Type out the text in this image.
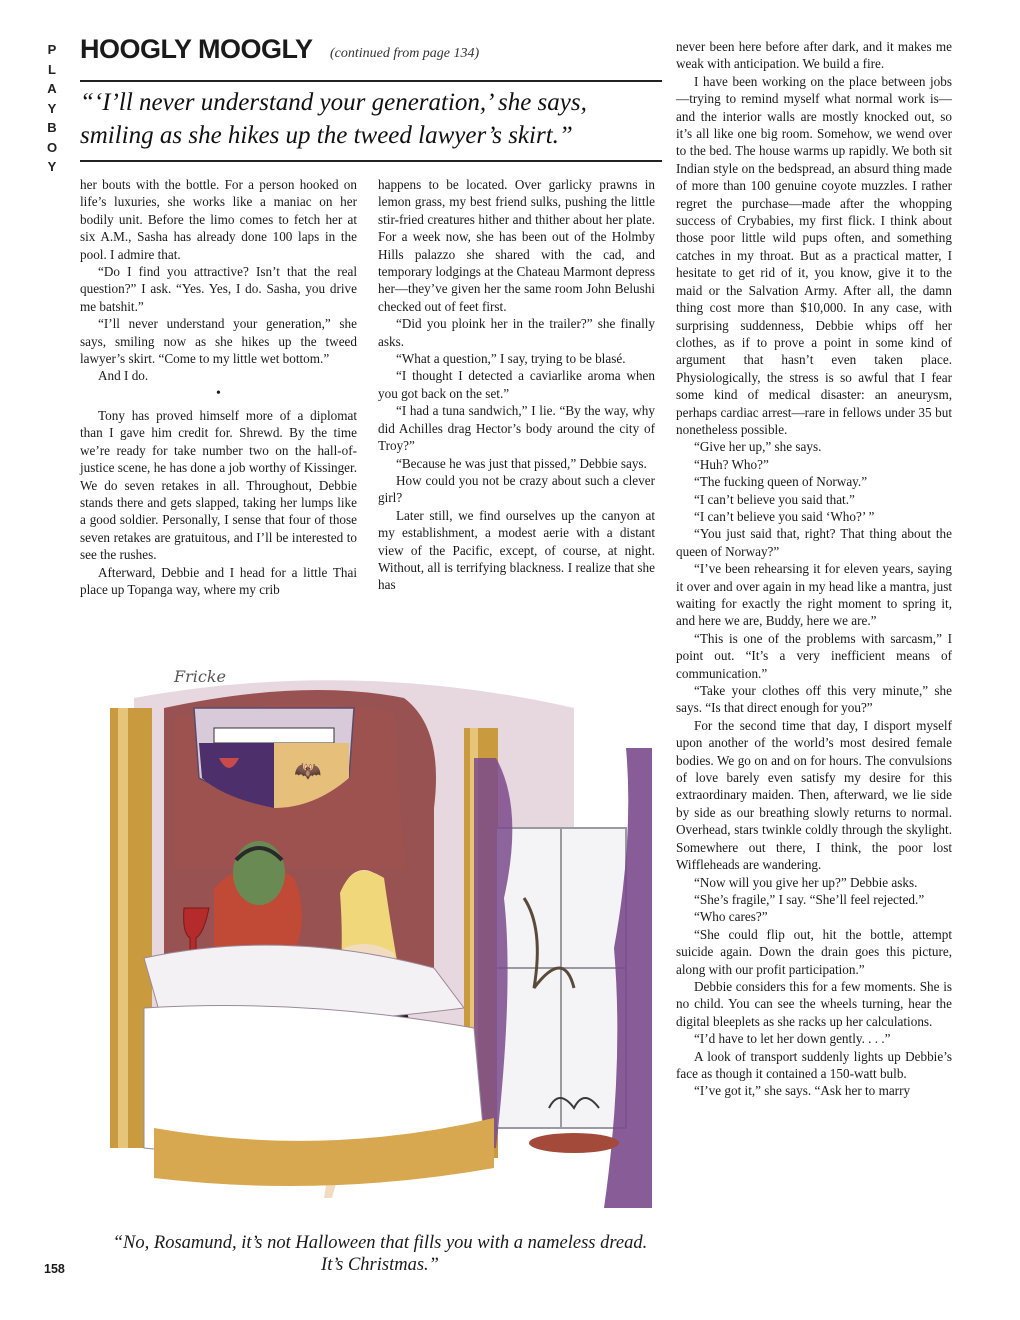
P
L
A
Y
B
O
Y
HOOGLY MOOGLY (continued from page 134)
“‘I’ll never understand your generation,’ she says, smiling as she hikes up the tweed lawyer’s skirt.”

her bouts with the bottle. For a person hooked on life’s luxuries, she works like a maniac on her bodily unit. Before the limo comes to fetch her at six A.M., Sasha has already done 100 laps in the pool. I admire that.

“Do I find you attractive? Isn’t that the real question?” I ask. “Yes. Yes, I do. Sasha, you drive me batshit.”

“I’ll never understand your generation,” she says, smiling now as she hikes up the tweed lawyer’s skirt. “Come to my little wet bottom.”

And I do.

•

Tony has proved himself more of a diplomat than I gave him credit for. Shrewd. By the time we’re ready for take number two on the hall-of-justice scene, he has done a job worthy of Kissinger. We do seven retakes in all. Throughout, Debbie stands there and gets slapped, taking her lumps like a good soldier. Personally, I sense that four of those seven retakes are gratuitous, and I’ll be interested to see the rushes.

Afterward, Debbie and I head for a little Thai place up Topanga way, where my crib

happens to be located. Over garlicky prawns in lemon grass, my best friend sulks, pushing the little stir-fried creatures hither and thither about her plate. For a week now, she has been out of the Holmby Hills palazzo she shared with the cad, and temporary lodgings at the Chateau Marmont depress her—they’ve given her the same room John Belushi checked out of feet first.

“Did you ploink her in the trailer?” she finally asks.

“What a question,” I say, trying to be blasé.

“I thought I detected a caviarlike aroma when you got back on the set.”

“I had a tuna sandwich,” I lie. “By the way, why did Achilles drag Hector’s body around the city of Troy?”

“Because he was just that pissed,” Debbie says.

How could you not be crazy about such a clever girl?

Later still, we find ourselves up the canyon at my establishment, a modest aerie with a distant view of the Pacific, except, of course, at night. Without, all is terrifying blackness. I realize that she has

never been here before after dark, and it makes me weak with anticipation. We build a fire.

I have been working on the place between jobs—trying to remind myself what normal work is—and the interior walls are mostly knocked out, so it’s all like one big room. Somehow, we wend over to the bed. The house warms up rapidly. We both sit Indian style on the bedspread, an absurd thing made of more than 100 genuine coyote muzzles. I rather regret the purchase—made after the whopping success of Crybabies, my first flick. I think about those poor little wild pups often, and something catches in my throat. But as a practical matter, I hesitate to get rid of it, you know, give it to the maid or the Salvation Army. After all, the damn thing cost more than $10,000. In any case, with surprising suddenness, Debbie whips off her clothes, as if to prove a point in some kind of argument that hasn’t even taken place. Physiologically, the stress is so awful that I fear some kind of medical disaster: an aneurysm, perhaps cardiac arrest—rare in fellows under 35 but nonetheless possible.

“Give her up,” she says.

“Huh? Who?”

“The fucking queen of Norway.”

“I can’t believe you said that.”

“I can’t believe you said ‘Who?’ ”

“You just said that, right? That thing about the queen of Norway?”

“I’ve been rehearsing it for eleven years, saying it over and over again in my head like a mantra, just waiting for exactly the right moment to spring it, and here we are, Buddy, here we are.”

“This is one of the problems with sarcasm,” I point out. “It’s a very inefficient means of communication.”

“Take your clothes off this very minute,” she says. “Is that direct enough for you?”

For the second time that day, I disport myself upon another of the world’s most desired female bodies. We go on and on for hours. The convulsions of love barely even satisfy my desire for this extraordinary maiden. Then, afterward, we lie side by side as our breathing slowly returns to normal. Overhead, stars twinkle coldly through the skylight. Somewhere out there, I think, the poor lost Wiffleheads are wandering.

“Now will you give her up?” Debbie asks.

“She’s fragile,” I say. “She’ll feel rejected.”

“Who cares?”

“She could flip out, hit the bottle, attempt suicide again. Down the drain goes this picture, along with our profit participation.”

Debbie considers this for a few moments. She is no child. You can see the wheels turning, hear the digital bleeplets as she racks up her calculations.

“I’d have to let her down gently. . . .”

A look of transport suddenly lights up Debbie’s face as though it contained a 150-watt bulb.

“I’ve got it,” she says. “Ask her to marry

🦇
Fricke
“No, Rosamund, it’s not Halloween that fills you with a nameless dread. It’s Christmas.”
158
